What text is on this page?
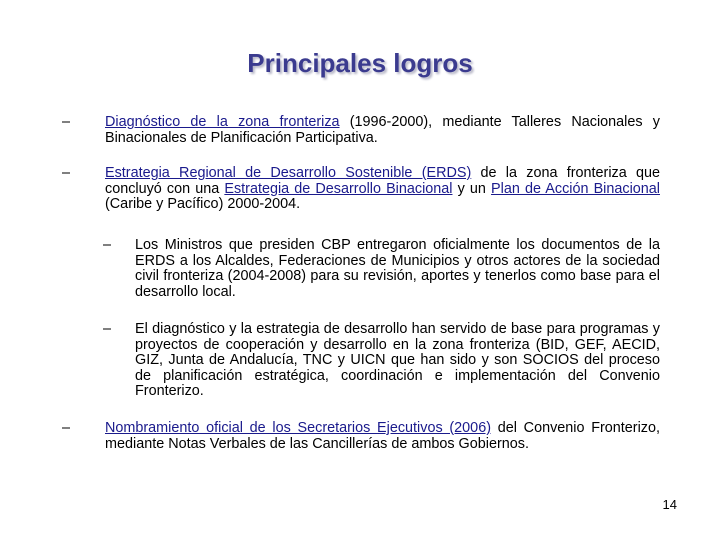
Principales logros
– Diagnóstico de la zona fronteriza (1996-2000), mediante Talleres Nacionales y Binacionales de Planificación Participativa.
– Estrategia Regional de Desarrollo Sostenible (ERDS) de la zona fronteriza que concluyó con una Estrategia de Desarrollo Binacional y un Plan de Acción Binacional (Caribe y Pacífico) 2000-2004.
– Los Ministros que presiden CBP entregaron oficialmente los documentos de la ERDS a los Alcaldes, Federaciones de Municipios y otros actores de la sociedad civil fronteriza (2004-2008) para su revisión, aportes y tenerlos como base para el desarrollo local.
– El diagnóstico y la estrategia de desarrollo han servido de base para programas y proyectos de cooperación y desarrollo en la zona fronteriza (BID, GEF, AECID, GIZ, Junta de Andalucía, TNC y UICN que han sido y son SOCIOS del proceso de planificación estratégica, coordinación e implementación del Convenio Fronterizo.
– Nombramiento oficial de los Secretarios Ejecutivos (2006) del Convenio Fronterizo, mediante Notas Verbales de las Cancillerías de ambos Gobiernos.
14
